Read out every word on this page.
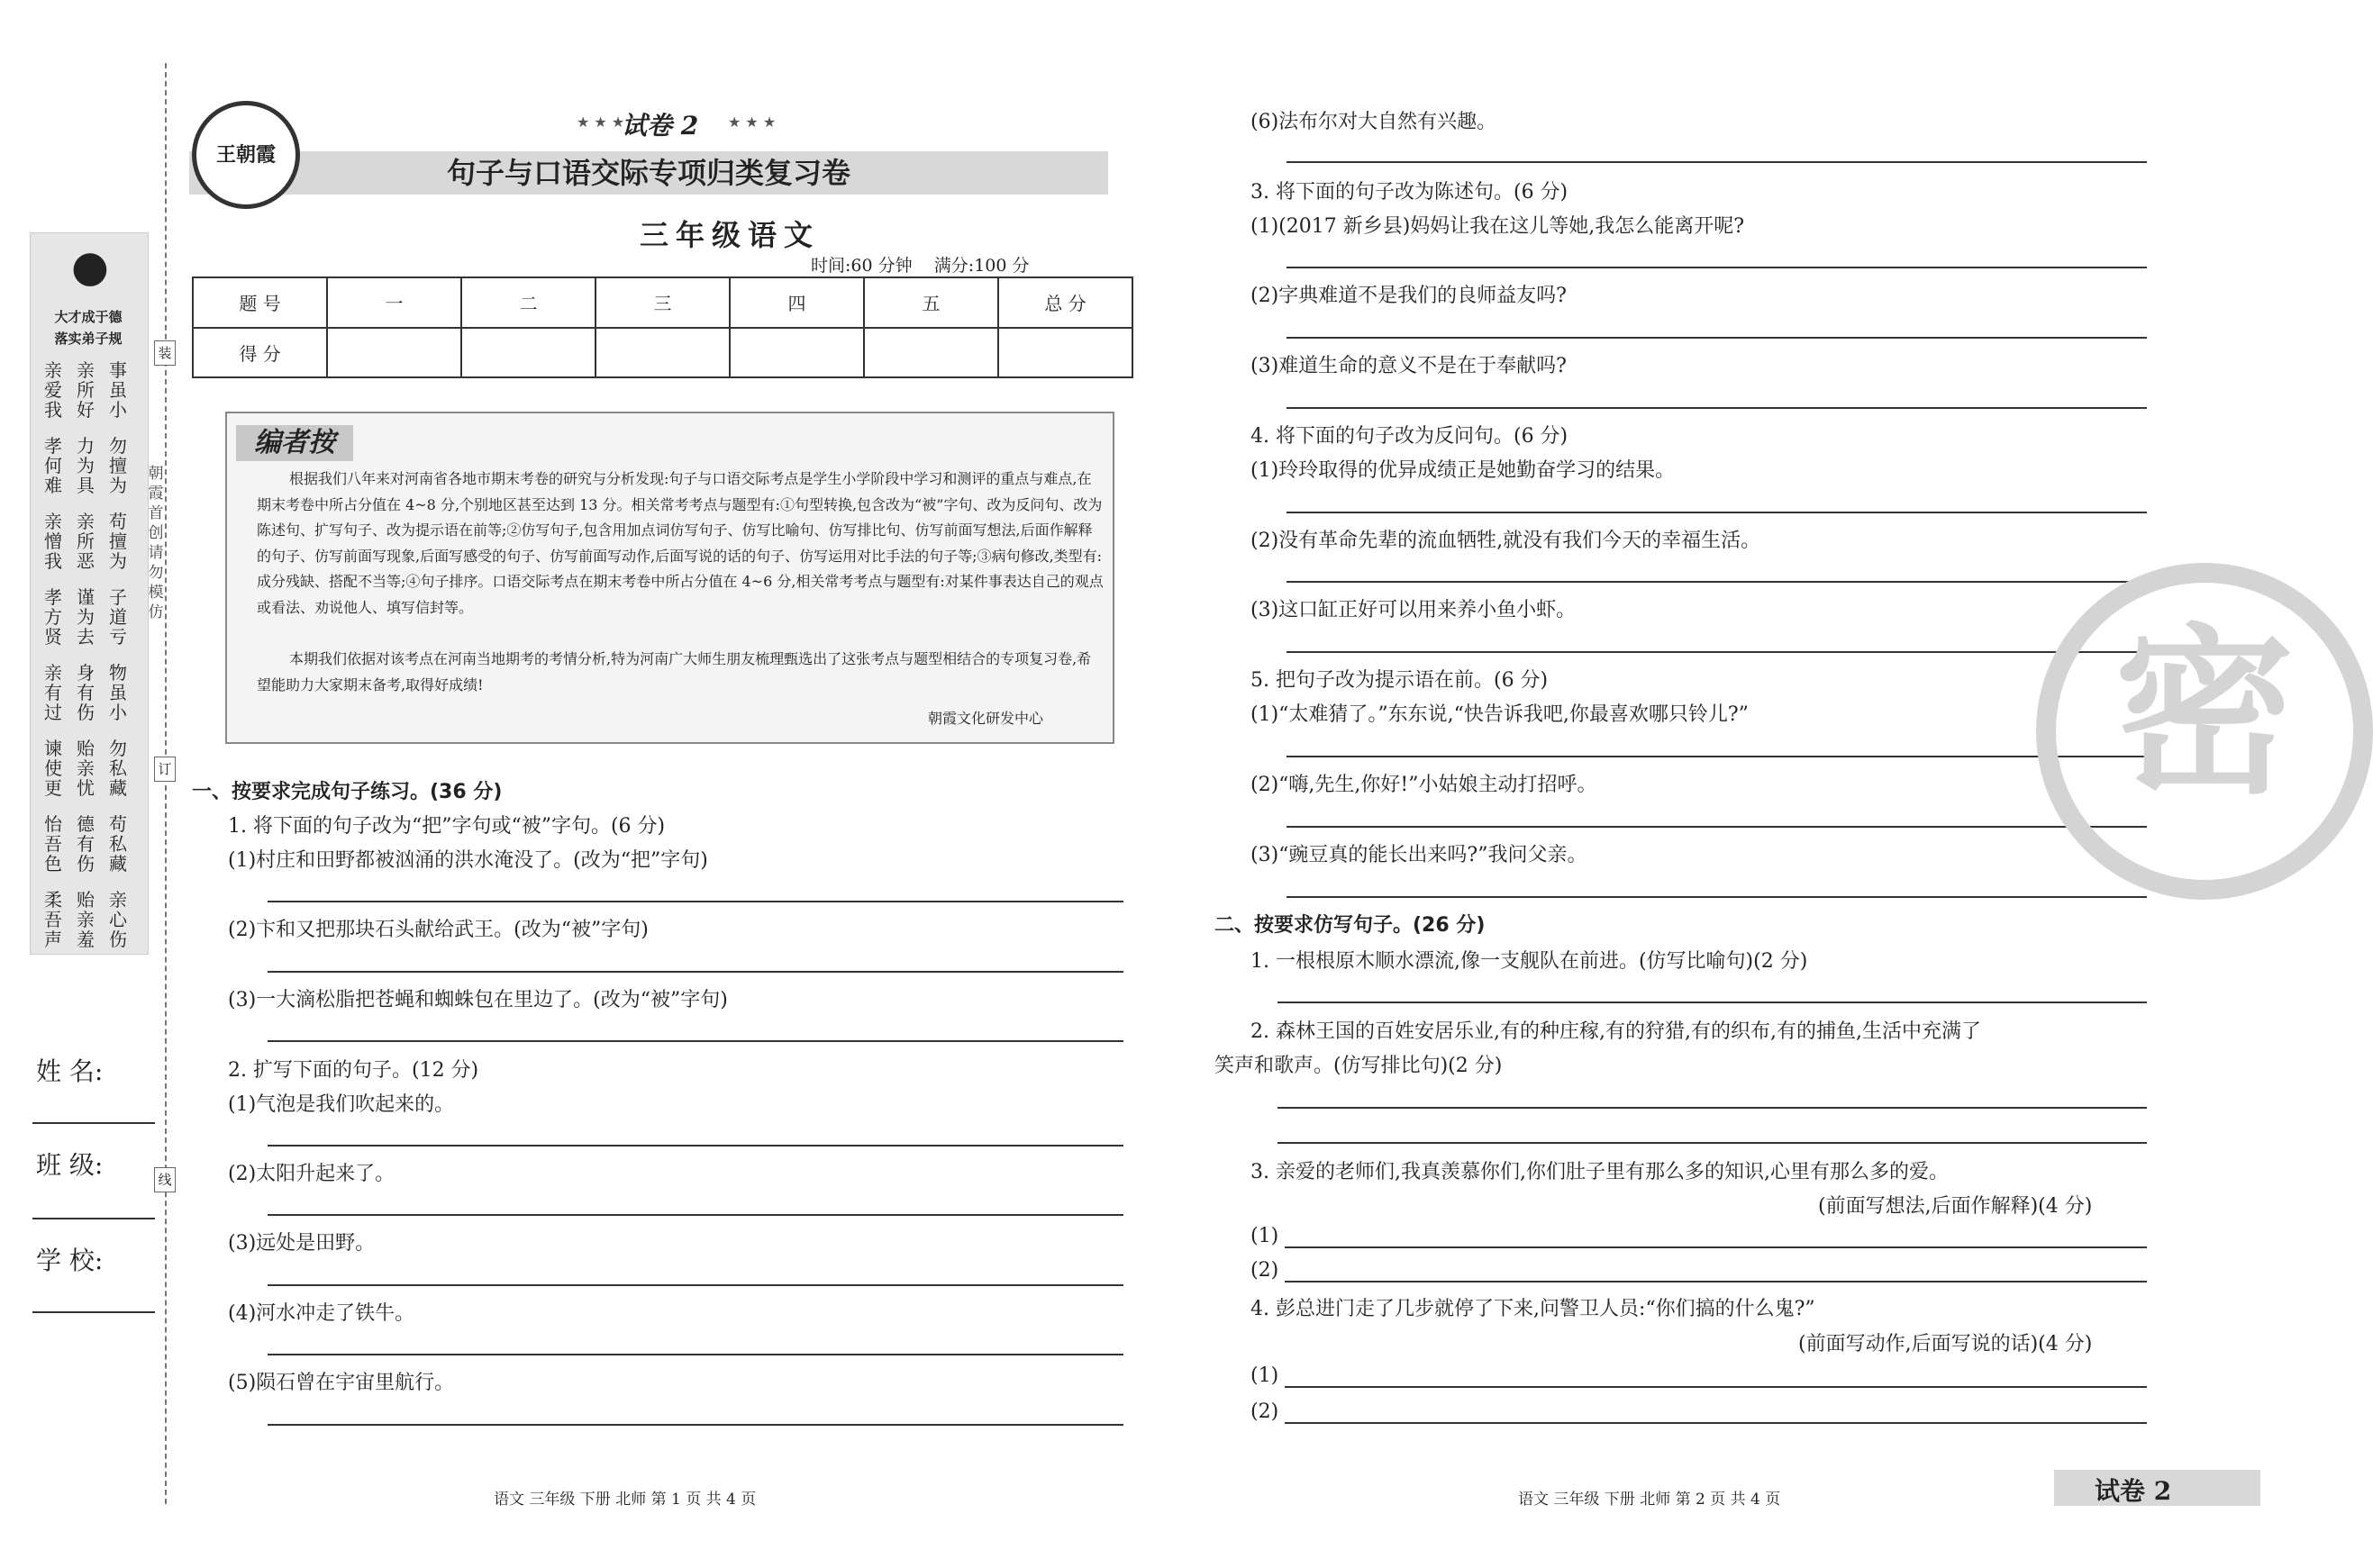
●
大才成于德
落实弟子规
亲爱我
亲所好
事虽小
孝何难
力为具
勿擅为
亲憎我
亲所恶
苟擅为
孝方贤
谨为去
子道亏
亲有过
身有伤
物虽小
谏使更
贻亲忧
勿私藏
怡吾色
德有伤
苟私藏
柔吾声
贻亲羞
亲心伤
装
订
线
朝霞首创 请勿模仿
姓 名:
班 级:
学 校:
王朝霞
★ ★ ★
试卷 2 ★ ★ ★
句子与口语交际专项归类复习卷
三年级语文
时间:60 分钟 满分:100 分
题 号	一	二	三	四	五	总 分
得 分						
编者按
根据我们八年来对河南省各地市期末考卷的研究与分析发现:句子与口语交际考点是学生小学阶段中学习和测评的重点与难点,在期末考卷中所占分值在 4~8 分,个别地区甚至达到 13 分。相关常考考点与题型有:①句型转换,包含改为“被”字句、改为反问句、改为陈述句、扩写句子、改为提示语在前等;②仿写句子,包含用加点词仿写句子、仿写比喻句、仿写排比句、仿写前面写想法,后面作解释的句子、仿写前面写现象,后面写感受的句子、仿写前面写动作,后面写说的话的句子、仿写运用对比手法的句子等;③病句修改,类型有:成分残缺、搭配不当等;④句子排序。口语交际考点在期末考卷中所占分值在 4~6 分,相关常考考点与题型有:对某件事表达自己的观点或看法、劝说他人、填写信封等。
本期我们依据对该考点在河南当地期考的考情分析,特为河南广大师生朋友梳理甄选出了这张考点与题型相结合的专项复习卷,希望能助力大家期末备考,取得好成绩!
朝霞文化研发中心
一、按要求完成句子练习。(36 分)
1. 将下面的句子改为“把”字句或“被”字句。(6 分)
(1)村庄和田野都被汹涌的洪水淹没了。(改为“把”字句)
(2)卞和又把那块石头献给武王。(改为“被”字句)
(3)一大滴松脂把苍蝇和蜘蛛包在里边了。(改为“被”字句)
2. 扩写下面的句子。(12 分)
(1)气泡是我们吹起来的。
(2)太阳升起来了。
(3)远处是田野。
(4)河水冲走了铁牛。
(5)陨石曾在宇宙里航行。
(6)法布尔对大自然有兴趣。
3. 将下面的句子改为陈述句。(6 分)
(1)(2017 新乡县)妈妈让我在这儿等她,我怎么能离开呢?
(2)字典难道不是我们的良师益友吗?
(3)难道生命的意义不是在于奉献吗?
4. 将下面的句子改为反问句。(6 分)
(1)玲玲取得的优异成绩正是她勤奋学习的结果。
(2)没有革命先辈的流血牺牲,就没有我们今天的幸福生活。
(3)这口缸正好可以用来养小鱼小虾。
5. 把句子改为提示语在前。(6 分)
(1)“太难猜了。”东东说,“快告诉我吧,你最喜欢哪只铃儿?”
(2)“嗨,先生,你好!”小姑娘主动打招呼。
(3)“豌豆真的能长出来吗?”我问父亲。
二、按要求仿写句子。(26 分)
1. 一根根原木顺水漂流,像一支舰队在前进。(仿写比喻句)(2 分)
2. 森林王国的百姓安居乐业,有的种庄稼,有的狩猎,有的织布,有的捕鱼,生活中充满了
笑声和歌声。(仿写排比句)(2 分)
3. 亲爱的老师们,我真羡慕你们,你们肚子里有那么多的知识,心里有那么多的爱。
(前面写想法,后面作解释)(4 分)
(1)
(2)
4. 彭总进门走了几步就停了下来,问警卫人员:“你们搞的什么鬼?”
(前面写动作,后面写说的话)(4 分)
(1)
(2)
密
语文 三年级 下册 北师 第 1 页 共 4 页	语文 三年级 下册 北师 第 2 页 共 4 页	试卷 2
